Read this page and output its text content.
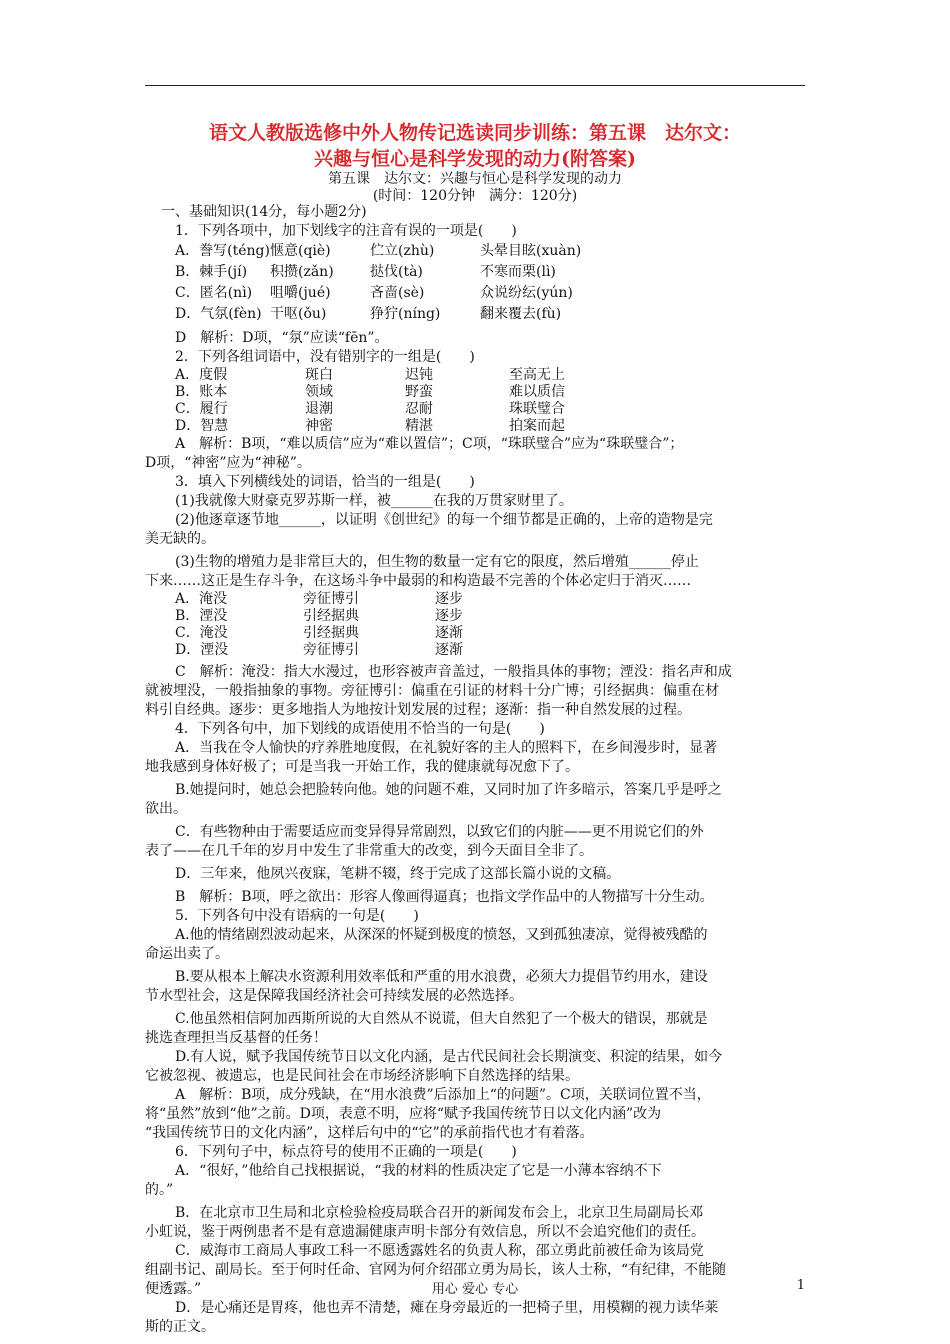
语文人教版选修中外人物传记选读同步训练：第五课　达尔文：
兴趣与恒心是科学发现的动力(附答案)
第五课　达尔文：兴趣与恒心是科学发现的动力
(时间：120分钟　满分：120分)
一、基础知识(14分，每小题2分)
1．下列各项中，加下划线字的注音有误的一项是(　　)
A．誊写(téng) 惬意(qiè)	伫立(zhù)	头晕目眩(xuàn)
B．棘手(jí)	积攒(zǎn)	挞伐(tà)	不寒而栗(lì)
C．匿名(nì)	咀嚼(jué)	吝啬(sè)	众说纷纭(yún)
D．气氛(fèn) 干呕(ǒu)	狰狞(níng)	翻来覆去(fù)
D　解析：D项，“氛”应读“fēn”。
2．下列各组词语中，没有错别字的一组是(　　)
A．度假	斑白	迟钝	至高无上
B．账本	领域	野蛮	难以质信
C．履行	退潮	忍耐	珠联璧合
D．智慧	神密	精湛	拍案而起
A　解析：B项，“难以质信”应为“难以置信”；C项，“珠联璧合”应为“珠联璧合”；
D项，“神密”应为“神秘”。
3．填入下列横线处的词语，恰当的一组是(　　)
(1)我就像大财豪克罗苏斯一样，被______在我的万贯家财里了。
(2)他逐章逐节地______，以证明《创世纪》的每一个细节都是正确的，上帝的造物是完
美无缺的。
(3)生物的增殖力是非常巨大的，但生物的数量一定有它的限度，然后增殖______停止
下来……这正是生存斗争，在这场斗争中最弱的和构造最不完善的个体必定归于消灭……
A．淹没	旁征博引	逐步
B．湮没	引经据典	逐步
C．淹没	引经据典	逐渐
D．湮没	旁征博引	逐渐
C　解析：淹没：指大水漫过，也形容被声音盖过，一般指具体的事物；湮没：指名声和成
就被埋没，一般指抽象的事物。旁征博引：偏重在引证的材料十分广博；引经据典：偏重在材
料引自经典。逐步：更多地指人为地按计划发展的过程；逐渐：指一种自然发展的过程。
4．下列各句中，加下划线的成语使用不恰当的一句是(　　)
A．当我在令人愉快的疗养胜地度假，在礼貌好客的主人的照料下，在乡间漫步时，显著
地我感到身体好极了；可是当我一开始工作，我的健康就每况愈下了。
B.她提问时，她总会把脸转向他。她的问题不难，又同时加了许多暗示，答案几乎是呼之
欲出。
C．有些物种由于需要适应而变异得异常剧烈，以致它们的内脏——更不用说它们的外
表了——在几千年的岁月中发生了非常重大的改变，到今天面目全非了。
D．三年来，他夙兴夜寐，笔耕不辍，终于完成了这部长篇小说的文稿。
B　解析：B项，呼之欲出：形容人像画得逼真；也指文学作品中的人物描写十分生动。
5．下列各句中没有语病的一句是(　　)
A.他的情绪剧烈波动起来，从深深的怀疑到极度的愤怒，又到孤独凄凉，觉得被残酷的
命运出卖了。
B.要从根本上解决水资源利用效率低和严重的用水浪费，必须大力提倡节约用水，建设
节水型社会，这是保障我国经济社会可持续发展的必然选择。
C.他虽然相信阿加西斯所说的大自然从不说谎，但大自然犯了一个极大的错误，那就是
挑选查理担当反基督的任务！
D.有人说，赋予我国传统节日以文化内涵，是古代民间社会长期演变、积淀的结果，如今
它被忽视、被遗忘，也是民间社会在市场经济影响下自然选择的结果。
A　解析：B项，成分残缺，在“用水浪费”后添加上“的问题”。C项，关联词位置不当，
将“虽然”放到“他”之前。D项，表意不明，应将“赋予我国传统节日以文化内涵”改为
“我国传统节日的文化内涵”，这样后句中的“它”的承前指代也才有着落。
6．下列句子中，标点符号的使用不正确的一项是(　　)
A．“很好，”他给自己找根据说，“我的材料的性质决定了它是一小薄本容纳不下
的。”
B．在北京市卫生局和北京检验检疫局联合召开的新闻发布会上，北京卫生局副局长邓
小虹说，鉴于两例患者不是有意遗漏健康声明卡部分有效信息，所以不会追究他们的责任。
C．威海市工商局人事政工科一不愿透露姓名的负责人称，邵立勇此前被任命为该局党
组副书记、副局长。至于何时任命、官网为何介绍邵立勇为局长，该人士称，“有纪律，不能随
便透露。”
D．是心痛还是胃疼，他也弄不清楚，瘫在身旁最近的一把椅子里，用模糊的视力读华莱
斯的正文。
用心 爱心 专心	1
